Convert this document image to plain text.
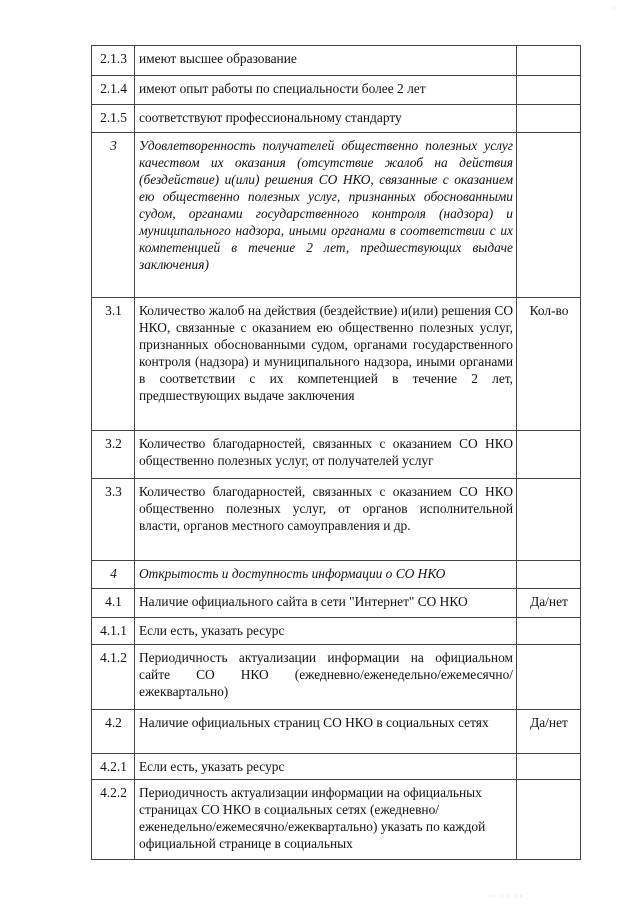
2.1.3	имеют высшее образование	
2.1.4	имеют опыт работы по специальности более 2 лет	
2.1.5	соответствуют профессиональному стандарту	
3	Удовлетворенность получателей общественно полезных услуг качеством их оказания (отсутствие жалоб на действия (бездействие) и(или) решения СО НКО, связанные с оказанием ею общественно полезных услуг, признанных обоснованными судом, органами государственного контроля (надзора) и муниципального надзора, иными органами в соответствии с их компетенцией в течение 2 лет, предшествующих выдаче заключения)	
3.1	Количество жалоб на действия (бездействие) и(или) решения СО НКО, связанные с оказанием ею общественно полезных услуг, признанных обоснованными судом, органами государственного контроля (надзора) и муниципального надзора, иными органами в соответствии с их компетенцией в течение 2 лет, предшествующих выдаче заключения	Кол-во
3.2	Количество благодарностей, связанных с оказанием СО НКО общественно полезных услуг, от получателей услуг	
3.3	Количество благодарностей, связанных с оказанием СО НКО общественно полезных услуг, от органов исполнительной власти, органов местного самоуправления и др.	
4	Открытость и доступность информации о СО НКО	
4.1	Наличие официального сайта в сети "Интернет" СО НКО	Да/нет
4.1.1	Если есть, указать ресурс	
4.1.2	Периодичность актуализации информации на официальном сайте СО НКО (ежедневно/еженедельно/ежемесячно/ежеквартально)	
4.2	Наличие официальных страниц СО НКО в социальных сетях	Да/нет
4.2.1	Если есть, указать ресурс	
4.2.2	Периодичность актуализации информации на официальных страницах СО НКО в социальных сетях (ежедневно/еженедельно/ежемесячно/ежеквартально) указать по каждой официальной странице в социальных	
·
·· ·· ··
